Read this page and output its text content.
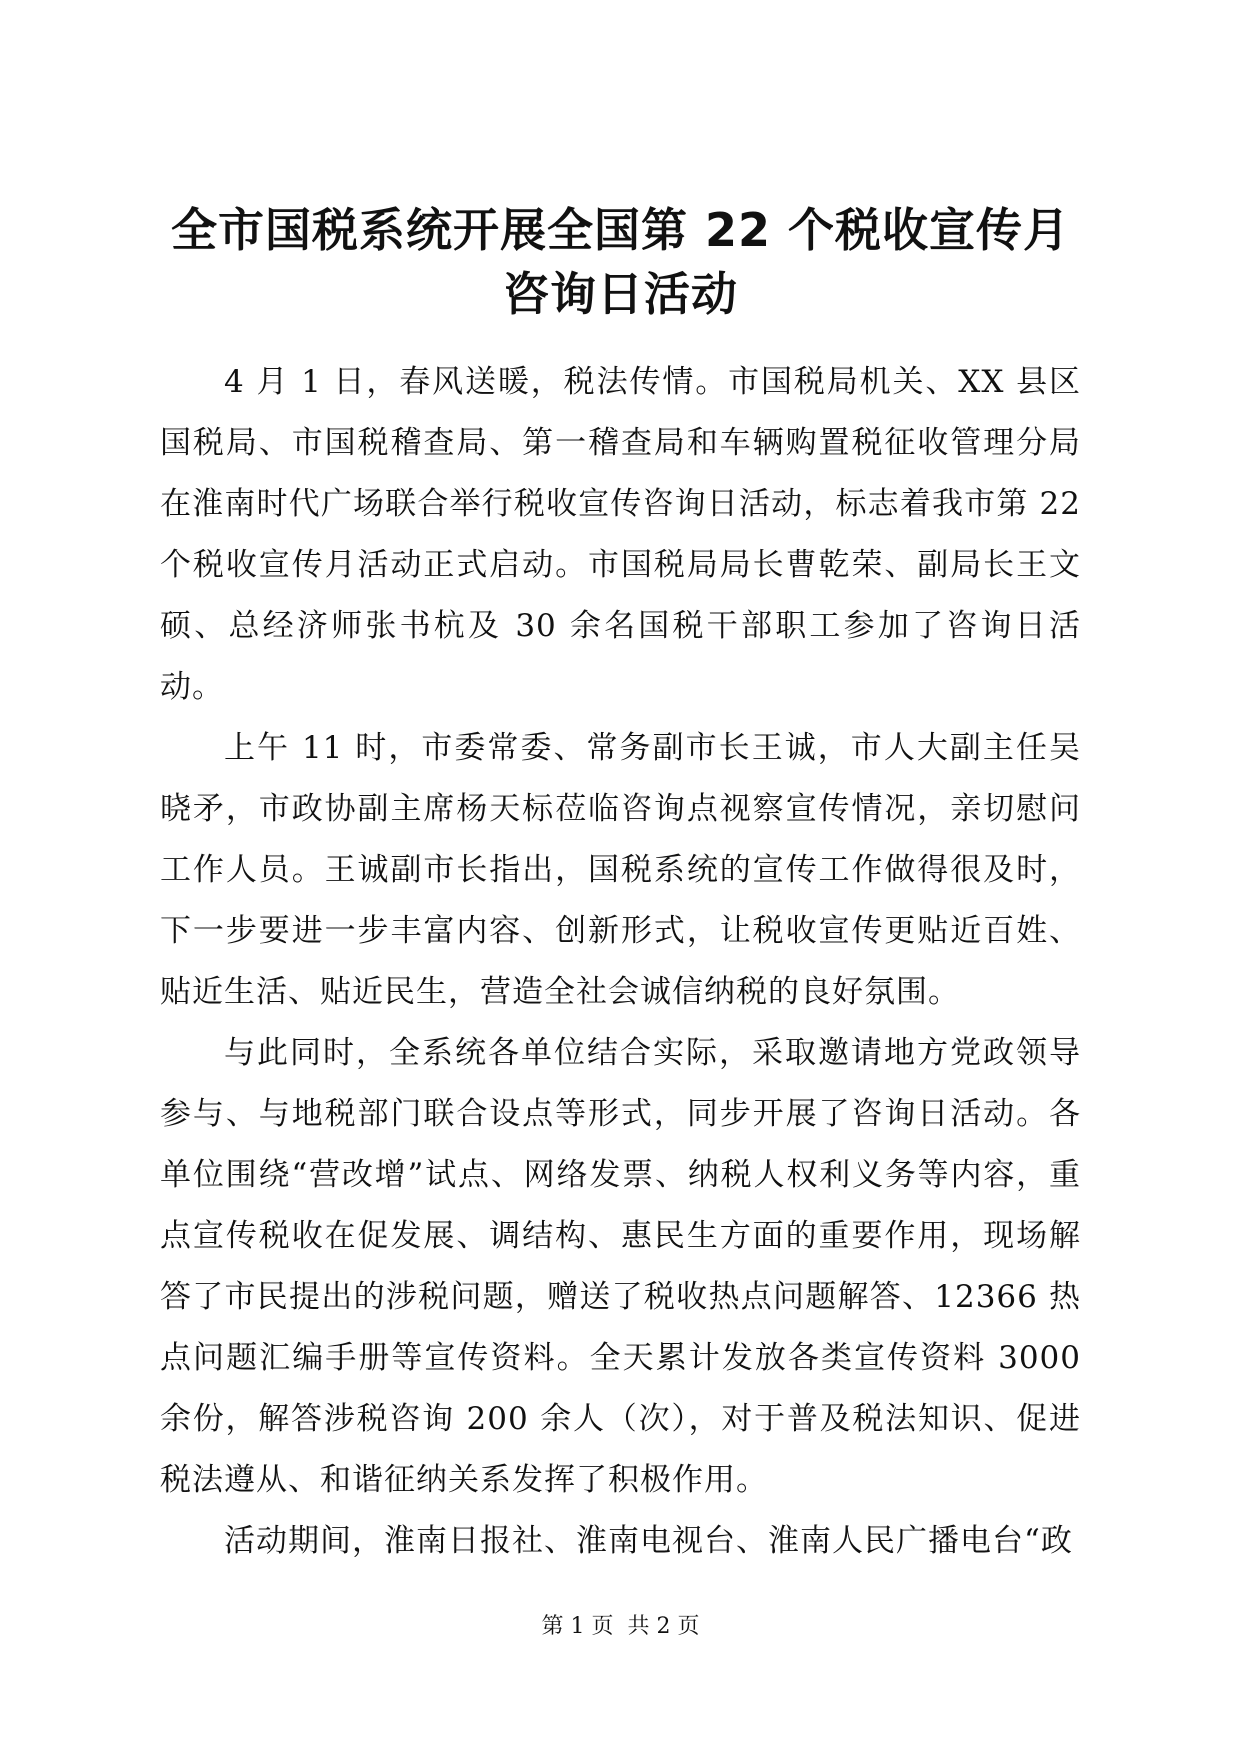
全市国税系统开展全国第 22 个税收宣传月咨询日活动

4 月 1 日，春风送暖，税法传情。市国税局机关、XX 县区国税局、市国税稽查局、第一稽查局和车辆购置税征收管理分局在淮南时代广场联合举行税收宣传咨询日活动，标志着我市第 22 个税收宣传月活动正式启动。市国税局局长曹乾荣、副局长王文硕、总经济师张书杭及 30 余名国税干部职工参加了咨询日活动。

上午 11 时，市委常委、常务副市长王诚，市人大副主任吴晓矛，市政协副主席杨天标莅临咨询点视察宣传情况，亲切慰问工作人员。王诚副市长指出，国税系统的宣传工作做得很及时，下一步要进一步丰富内容、创新形式，让税收宣传更贴近百姓、贴近生活、贴近民生，营造全社会诚信纳税的良好氛围。

与此同时，全系统各单位结合实际，采取邀请地方党政领导参与、与地税部门联合设点等形式，同步开展了咨询日活动。各单位围绕“营改增”试点、网络发票、纳税人权利义务等内容，重点宣传税收在促发展、调结构、惠民生方面的重要作用，现场解答了市民提出的涉税问题，赠送了税收热点问题解答、12366 热点问题汇编手册等宣传资料。全天累计发放各类宣传资料 3000 余份，解答涉税咨询 200 余人（次），对于普及税法知识、促进税法遵从、和谐征纳关系发挥了积极作用。

活动期间，淮南日报社、淮南电视台、淮南人民广播电台“政

第 1 页  共 2 页
